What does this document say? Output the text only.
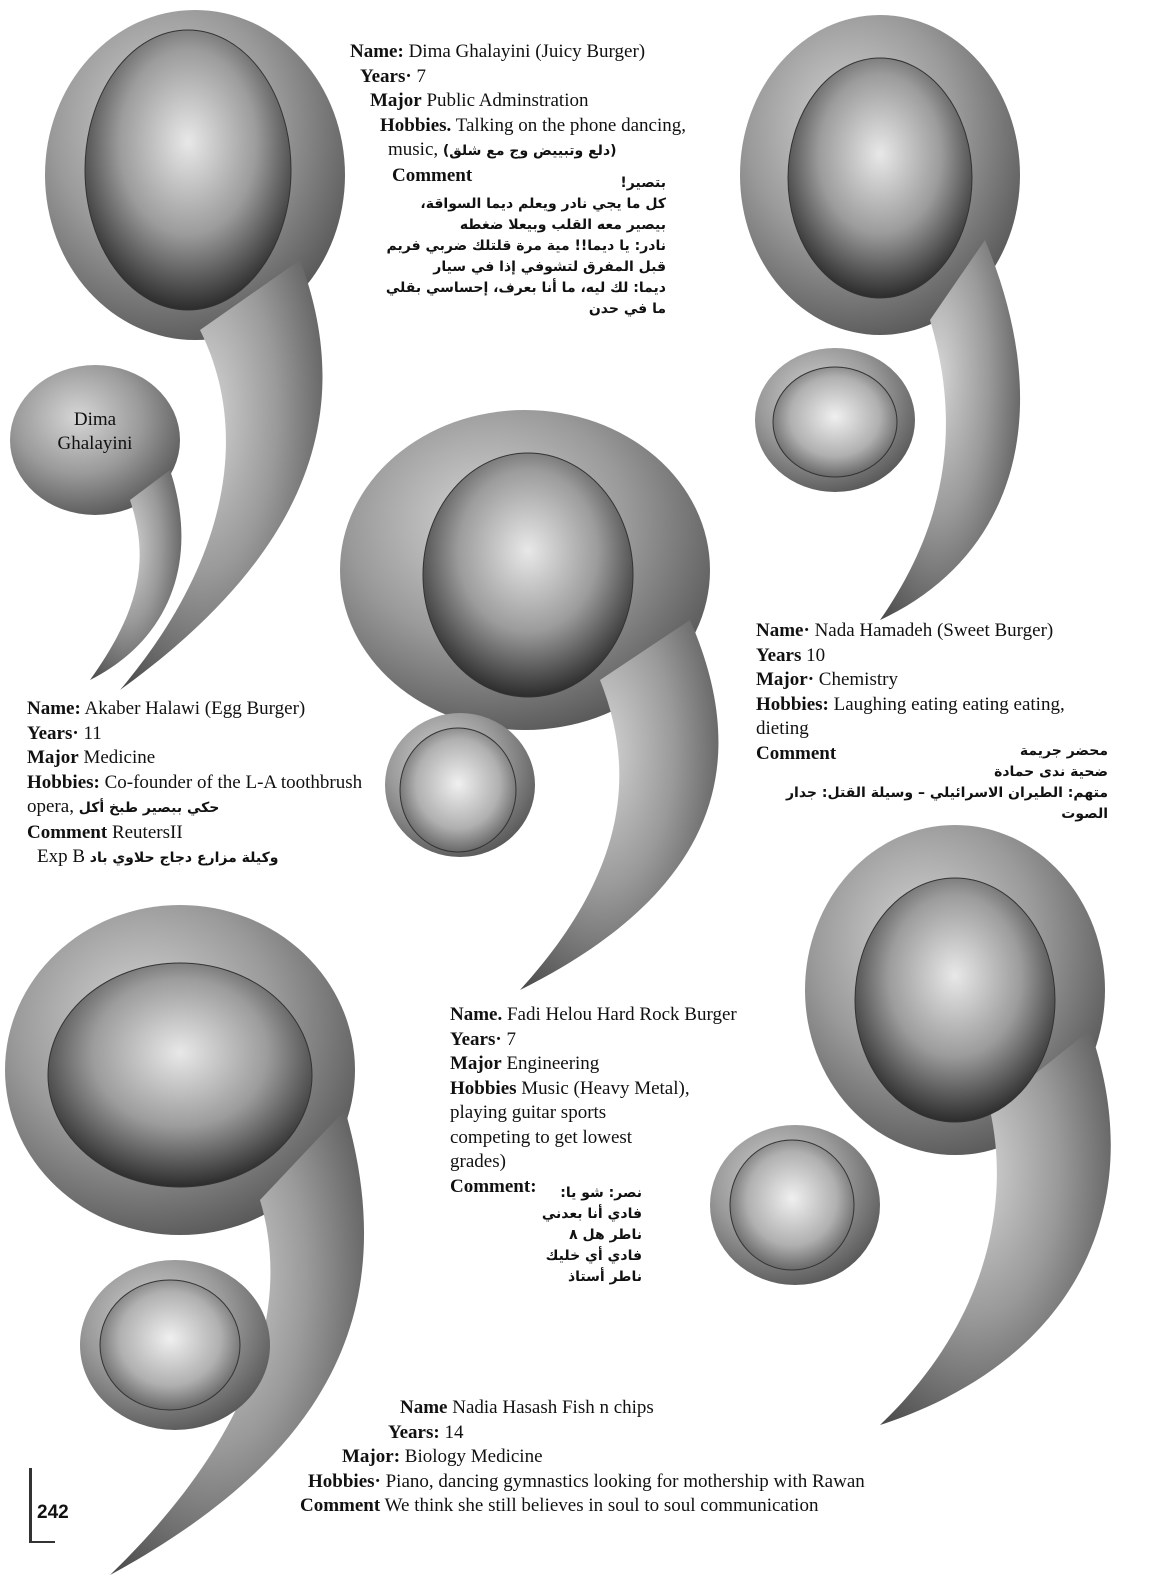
Dima
Ghalayini
Name: Dima Ghalayini (Juicy Burger)
Years· 7
Major Public Adminstration
Hobbies. Talking on the phone dancing,
music, (دلع وتبييض وج مع شلق)
Comment	بتصير!
كل ما يجي نادر ويعلم ديما السواقة،
بيصير معه القلب وبيعلا ضغطه
نادر: يا ديما!! مية مرة قلتلك ضربي فريم
قبل المفرق لتشوفي إذا في سيار
ديما: لك ليه، ما أنا بعرف، إحساسي بقلي
ما في حدن
Name· Nada Hamadeh (Sweet Burger)
Years 10
Major· Chemistry
Hobbies: Laughing eating eating eating,
dieting
Comment	محضر جريمة
ضحية ندى حمادة
متهم: الطيران الاسرائيلي – وسيلة القتل: جدار الصوت
Name: Akaber Halawi (Egg Burger)
Years· 11
Major Medicine
Hobbies: Co-founder of the L-A toothbrush
opera, حكي ببصير طبخ أكل
Comment ReutersII
Exp B وكيلة مزارع دجاج حلاوي باد
Name. Fadi Helou Hard Rock Burger
Years· 7
Major Engineering
Hobbies Music (Heavy Metal),
playing guitar sports
competing to get lowest
grades)
Comment:	نصر: شو يا:
فادي أنا بعدني
ناطر هل ٨
فادي أي خليك
ناطر أستاذ
Name Nadia Hasash Fish n chips
Years: 14
Major: Biology Medicine
Hobbies· Piano, dancing gymnastics looking for mothership with Rawan
Comment We think she still believes in soul to soul communication
242
